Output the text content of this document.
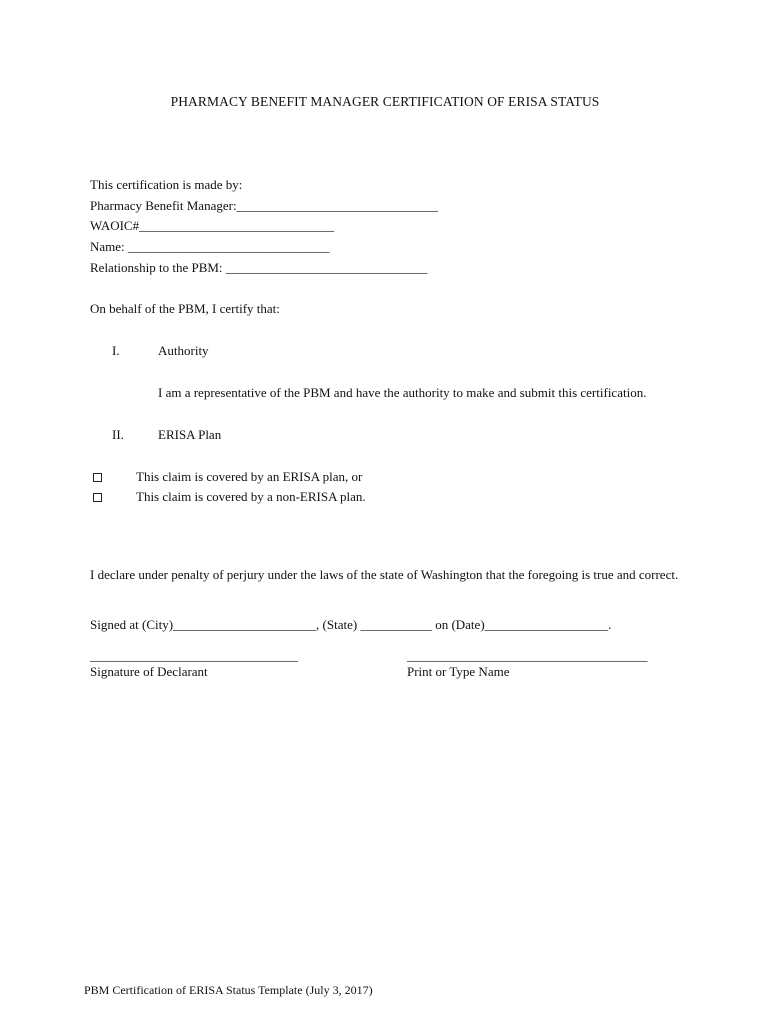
PHARMACY BENEFIT MANAGER CERTIFICATION OF ERISA STATUS
This certification is made by:
Pharmacy Benefit Manager:_______________________________
WAOIC#______________________________
Name: _______________________________
Relationship to the PBM: _______________________________
On behalf of the PBM, I certify that:
I.	Authority
I am a representative of the PBM and have the authority to make and submit this certification.
II.	ERISA Plan
This claim is covered by an ERISA plan, or
This claim is covered by a non-ERISA plan.
I declare under penalty of perjury under the laws of the state of Washington that the foregoing is true and correct.
Signed at (City)______________________, (State) ___________ on (Date)___________________.
________________________________
Signature of Declarant
_____________________________________
Print or Type Name
PBM Certification of ERISA Status Template (July 3, 2017)
